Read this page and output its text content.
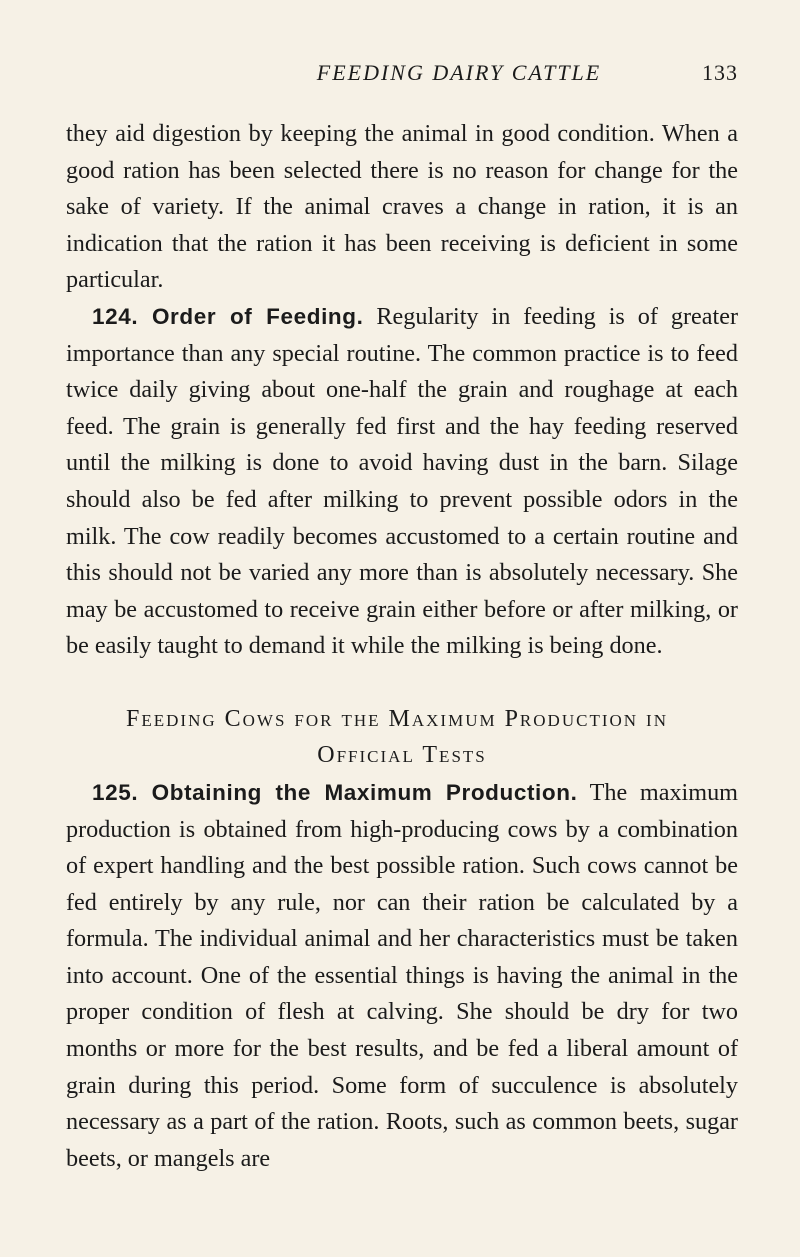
FEEDING DAIRY CATTLE	133

they aid digestion by keeping the animal in good condition. When a good ration has been selected there is no reason for change for the sake of variety. If the animal craves a change in ration, it is an indication that the ration it has been receiving is deficient in some particular.

124. Order of Feeding. Regularity in feeding is of greater importance than any special routine. The common practice is to feed twice daily giving about one-half the grain and roughage at each feed. The grain is generally fed first and the hay feeding reserved until the milking is done to avoid having dust in the barn. Silage should also be fed after milking to prevent possible odors in the milk. The cow readily becomes accustomed to a certain routine and this should not be varied any more than is absolutely necessary. She may be accustomed to receive grain either before or after milking, or be easily taught to demand it while the milking is being done.

Feeding Cows for the Maximum Production in
Official Tests

125. Obtaining the Maximum Production. The maximum production is obtained from high-producing cows by a combination of expert handling and the best possible ration. Such cows cannot be fed entirely by any rule, nor can their ration be calculated by a formula. The individual animal and her characteristics must be taken into account. One of the essential things is having the animal in the proper condition of flesh at calving. She should be dry for two months or more for the best results, and be fed a liberal amount of grain during this period. Some form of succulence is absolutely necessary as a part of the ration. Roots, such as common beets, sugar beets, or mangels are
